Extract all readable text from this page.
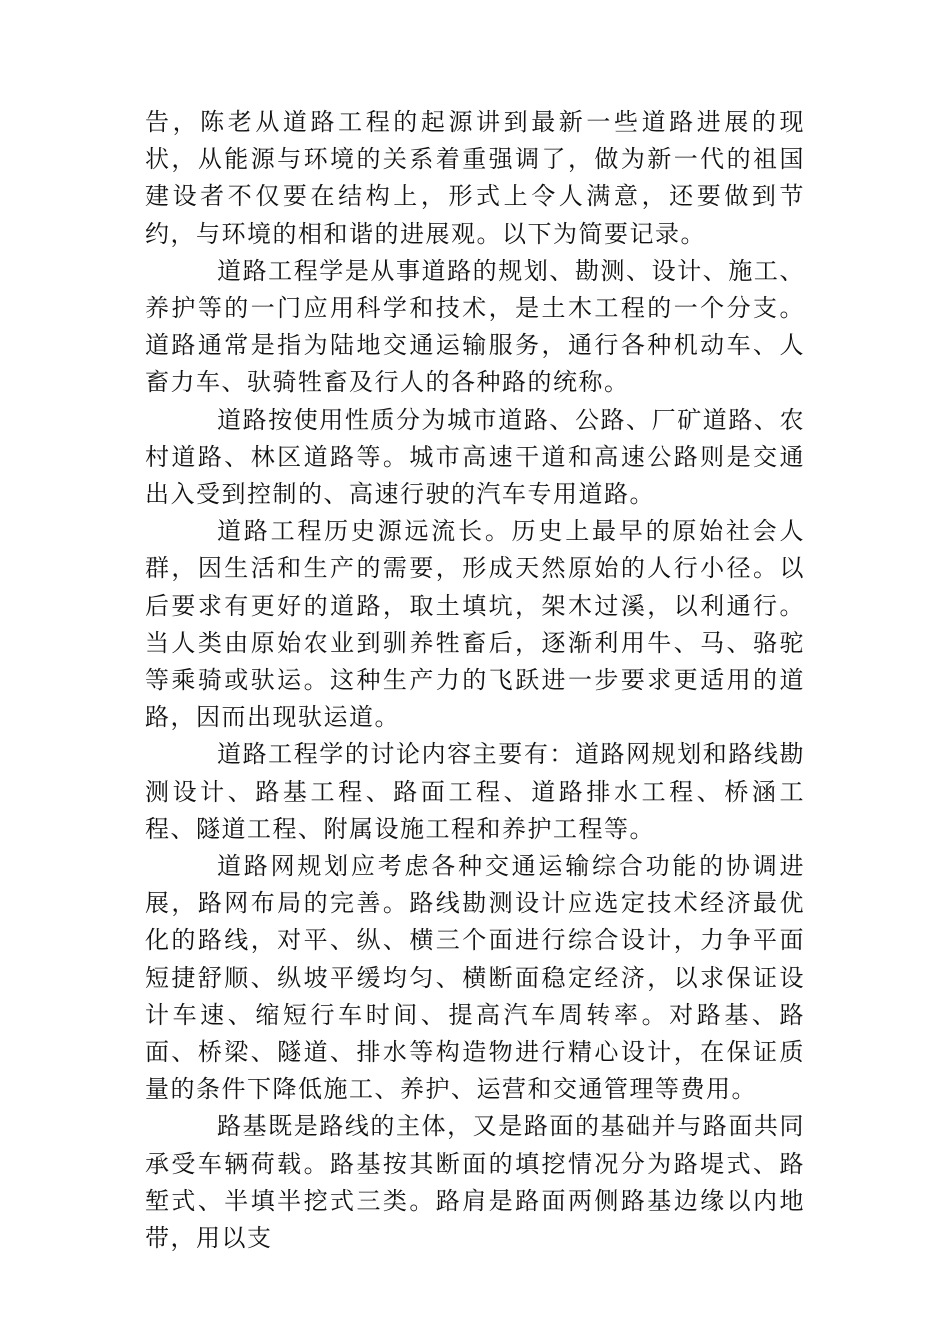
告，陈老从道路工程的起源讲到最新一些道路进展的现状，从能源与环境的关系着重强调了，做为新一代的祖国建设者不仅要在结构上，形式上令人满意，还要做到节约，与环境的相和谐的进展观。以下为简要记录。

道路工程学是从事道路的规划、勘测、设计、施工、养护等的一门应用科学和技术，是土木工程的一个分支。道路通常是指为陆地交通运输服务，通行各种机动车、人畜力车、驮骑牲畜及行人的各种路的统称。

道路按使用性质分为城市道路、公路、厂矿道路、农村道路、林区道路等。城市高速干道和高速公路则是交通出入受到控制的、高速行驶的汽车专用道路。

道路工程历史源远流长。历史上最早的原始社会人群，因生活和生产的需要，形成天然原始的人行小径。以后要求有更好的道路，取土填坑，架木过溪，以利通行。当人类由原始农业到驯养牲畜后，逐渐利用牛、马、骆驼等乘骑或驮运。这种生产力的飞跃进一步要求更适用的道路，因而出现驮运道。

道路工程学的讨论内容主要有：道路网规划和路线勘测设计、路基工程、路面工程、道路排水工程、桥涵工程、隧道工程、附属设施工程和养护工程等。

道路网规划应考虑各种交通运输综合功能的协调进展，路网布局的完善。路线勘测设计应选定技术经济最优化的路线，对平、纵、横三个面进行综合设计，力争平面短捷舒顺、纵坡平缓均匀、横断面稳定经济，以求保证设计车速、缩短行车时间、提高汽车周转率。对路基、路面、桥梁、隧道、排水等构造物进行精心设计，在保证质量的条件下降低施工、养护、运营和交通管理等费用。

路基既是路线的主体，又是路面的基础并与路面共同承受车辆荷载。路基按其断面的填挖情况分为路堤式、路堑式、半填半挖式三类。路肩是路面两侧路基边缘以内地带，用以支
